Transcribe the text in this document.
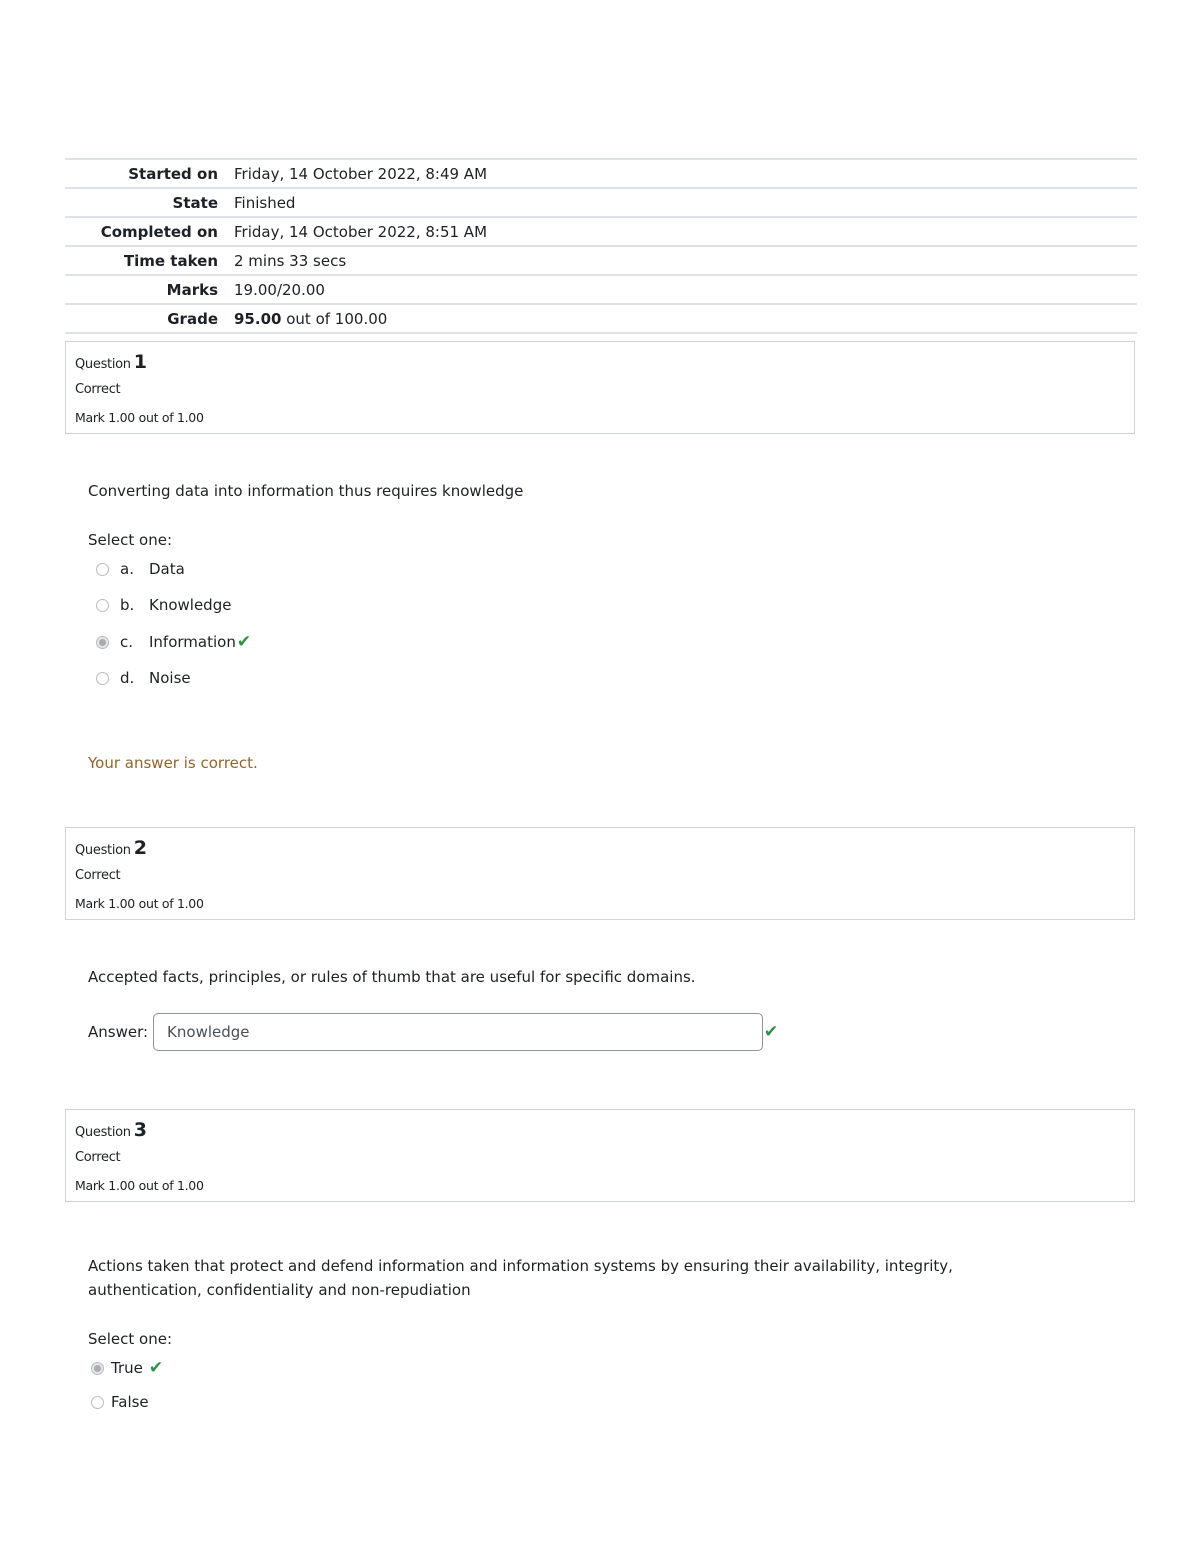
Started on	Friday, 14 October 2022, 8:49 AM
State	Finished
Completed on	Friday, 14 October 2022, 8:51 AM
Time taken	2 mins 33 secs
Marks	19.00/20.00
Grade	95.00 out of 100.00
Question 1
Correct
Mark 1.00 out of 1.00
Converting data into information thus requires knowledge
Select one:
a.	Data
b. Knowledge
c.	Information ✔
d. Noise
Your answer is correct.
Question 2
Correct
Mark 1.00 out of 1.00
Accepted facts, principles, or rules of thumb that are useful for specific domains.
Answer:	Knowledge	✔
Question 3
Correct
Mark 1.00 out of 1.00
Actions taken that protect and defend information and information systems by ensuring their availability, integrity, authentication, confidentiality and non-repudiation
Select one:
True ✔
False
